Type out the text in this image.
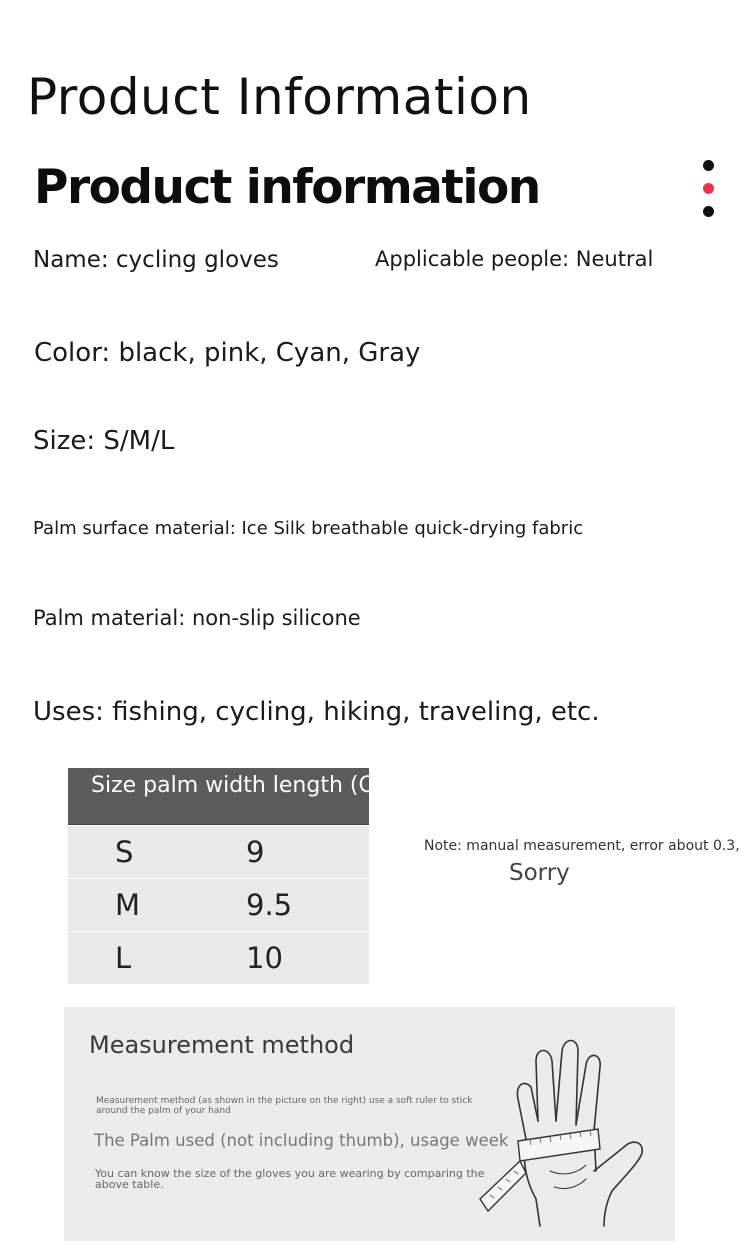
Product Information
Product information
Name: cycling gloves	Applicable people: Neutral
Color: black, pink, Cyan, Gray
Size: S/M/L
Palm surface material: Ice Silk breathable quick-drying fabric
Palm material: non-slip silicone
Uses: fishing, cycling, hiking, traveling, etc.
Size palm width length (CM)
S	9
M	9.5
L	10
Note: manual measurement, error about 0.3,
Sorry
Measurement method
Measurement method (as shown in the picture on the right) use a soft ruler to stick around the palm of your hand
The Palm used (not including thumb), usage week
You can know the size of the gloves you are wearing by comparing the above table.
